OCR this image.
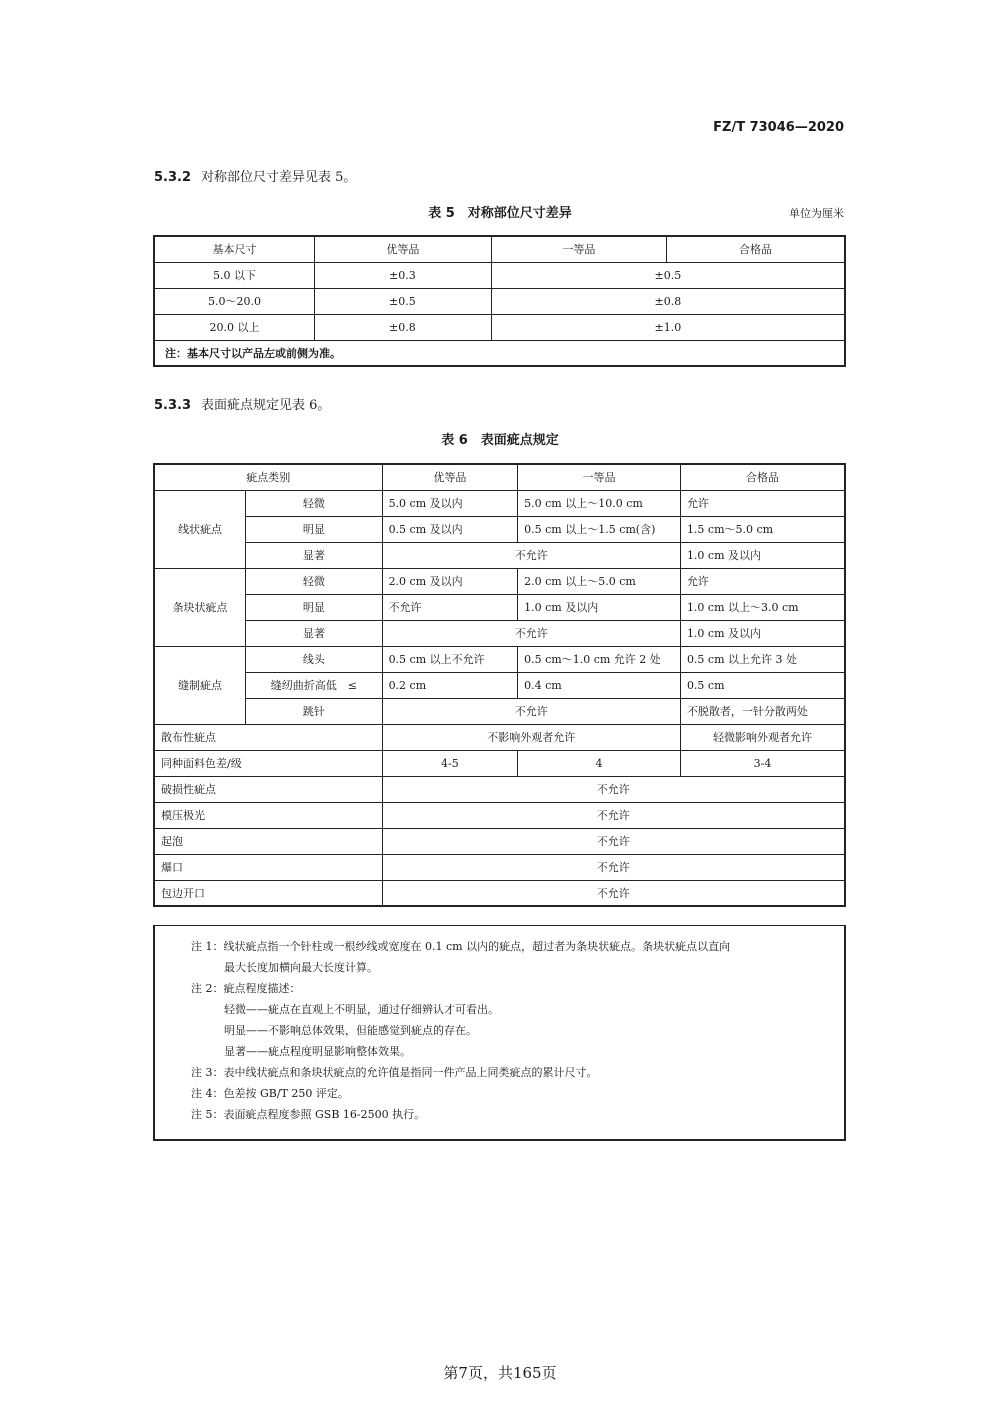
FZ/T 73046—2020
5.3.2 对称部位尺寸差异见表 5。
表 5　对称部位尺寸差异	单位为厘米
基本尺寸	优等品	一等品	合格品
5.0 以下	±0.3	±0.5	
5.0～20.0	±0.5	±0.8	
20.0 以上	±0.8	±1.0	
注：基本尺寸以产品左或前侧为准。			
5.3.3 表面疵点规定见表 6。
表 6　表面疵点规定
疵点类别		优等品	一等品	合格品
线状疵点	轻微	5.0 cm 及以内	5.0 cm 以上～10.0 cm	允许
	明显	0.5 cm 及以内	0.5 cm 以上～1.5 cm(含)	1.5 cm～5.0 cm
	显著	不允许		1.0 cm 及以内
条块状疵点	轻微	2.0 cm 及以内	2.0 cm 以上～5.0 cm	允许
	明显	不允许	1.0 cm 及以内	1.0 cm 以上～3.0 cm
	显著	不允许		1.0 cm 及以内
缝制疵点	线头	0.5 cm 以上不允许	0.5 cm～1.0 cm 允许 2 处	0.5 cm 以上允许 3 处
	缝纫曲折高低　≤	0.2 cm	0.4 cm	0.5 cm
	跳针	不允许		不脱散者，一针分散两处
散布性疵点		不影响外观者允许		轻微影响外观者允许
同种面料色差/级		4-5	4	3-4
破损性疵点		不允许		
模压极光		不允许		
起泡		不允许		
爆口		不允许		
包边开口		不允许		
注 1：线状疵点指一个针柱或一根纱线或宽度在 0.1 cm 以内的疵点，超过者为条块状疵点。条块状疵点以直向
最大长度加横向最大长度计算。
注 2：疵点程度描述：
轻微——疵点在直观上不明显，通过仔细辨认才可看出。
明显——不影响总体效果，但能感觉到疵点的存在。
显著——疵点程度明显影响整体效果。
注 3：表中线状疵点和条块状疵点的允许值是指同一件产品上同类疵点的累计尺寸。
注 4：色差按 GB/T 250 评定。
注 5：表面疵点程度参照 GSB 16-2500 执行。
第7页，共165页
